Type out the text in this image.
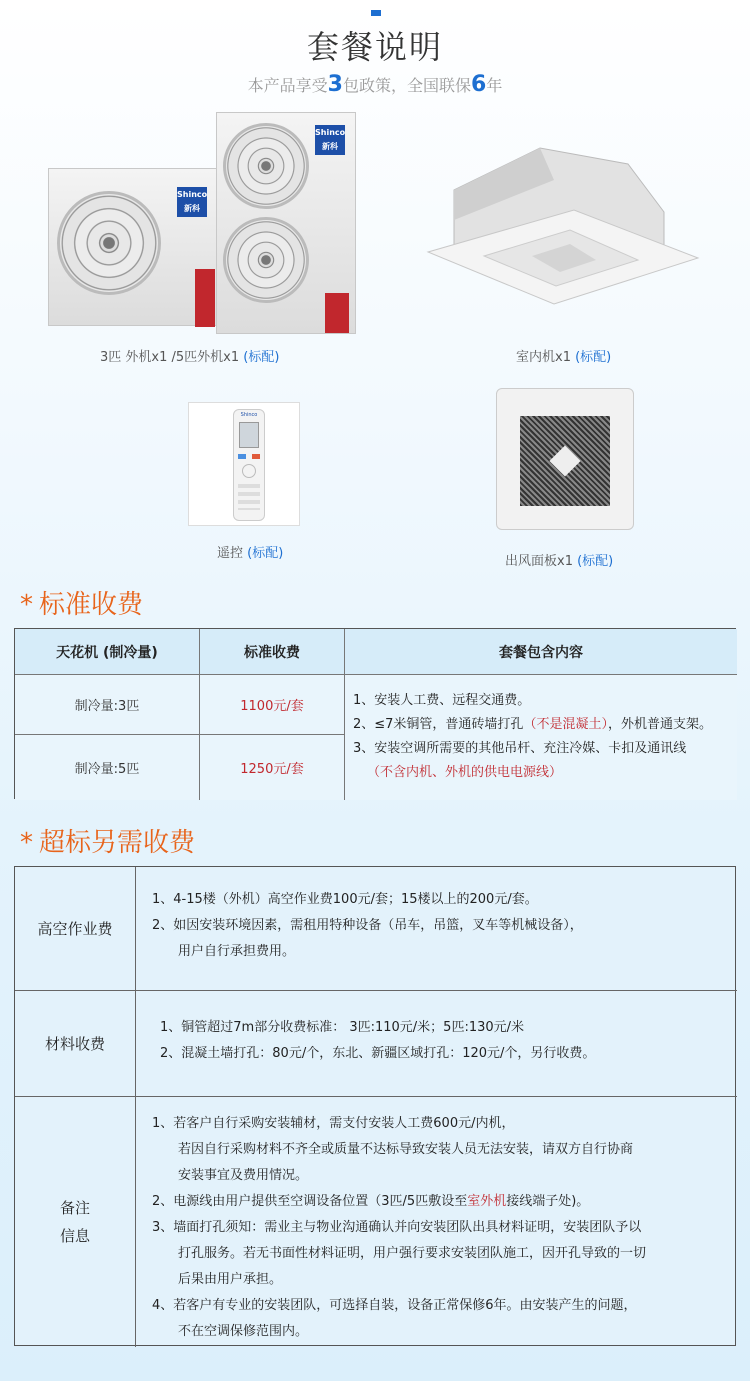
套餐说明
本产品享受3包政策，全国联保6年
Shinco
新科
Shinco
新科
3匹 外机x1 /5匹外机x1 (标配)	室内机x1 (标配)
Shinco
遥控 (标配)
出风面板x1 (标配)
* 标准收费
天花机 (制冷量)	标准收费	套餐包含内容
制冷量:3匹	1100元/套
制冷量:5匹	1250元/套
1、安装人工费、远程交通费。
2、≤7米铜管，普通砖墙打孔（不是混凝土），外机普通支架。
3、安装空调所需要的其他吊杆、充注冷媒、卡扣及通讯线
（不含内机、外机的供电电源线）
* 超标另需收费
高空作业费
1、4-15楼（外机）高空作业费100元/套；15楼以上的200元/套。
2、如因安装环境因素，需租用特种设备（吊车，吊篮，叉车等机械设备），
用户自行承担费用。
材料收费
1、铜管超过7m部分收费标准： 3匹:110元/米；5匹:130元/米
2、混凝土墙打孔：80元/个，东北、新疆区域打孔：120元/个，另行收费。
备注
信息
1、若客户自行采购安装辅材，需支付安装人工费600元/内机，
若因自行采购材料不齐全或质量不达标导致安装人员无法安装，请双方自行协商
安装事宜及费用情况。
2、电源线由用户提供至空调设备位置（3匹/5匹敷设至室外机接线端子处)。
3、墙面打孔须知：需业主与物业沟通确认并向安装团队出具材料证明，安装团队予以
打孔服务。若无书面性材料证明，用户强行要求安装团队施工，因开孔导致的一切
后果由用户承担。
4、若客户有专业的安装团队，可选择自装，设备正常保修6年。由安装产生的问题，
不在空调保修范围内。
